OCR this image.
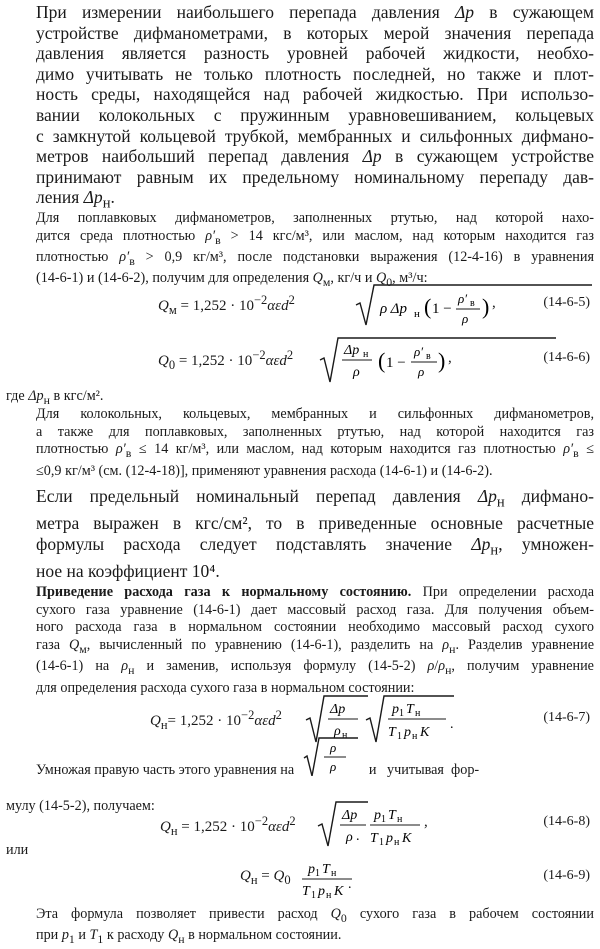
При измерении наибольшего перепада давления Δp в сужающем
устройстве дифманометрами, в которых мерой значения перепада
давления является разность уровней рабочей жидкости, необхо-
димо учитывать не только плотность последней, но также и плот-
ность среды, находящейся над рабочей жидкостью. При использо-
вании колокольных с пружинным уравновешиванием, кольцевых
с замкнутой кольцевой трубкой, мембранных и сильфонных дифмано-
метров наибольший перепад давления Δp в сужающем устройстве
принимают равным их предельному номинальному перепаду дав-
ления $\Delta p_н$.
Для поплавковых дифманометров, заполненных ртутью, над которой нахо-
дится среда плотностью $\rho'_в > 14$ кгс/м³, или маслом, над которым находится газ
плотностью $\rho'_в > 0,9$ кг/м³, после подстановки выражения (12-4-16) в уравнения
(14-6-1) и (14-6-2), получим для определения $Q_м$, кг/ч и $Q_0$, м³/ч:
$Q_м = 1,252 \cdot 10^{-2}\alpha\varepsilon d^2$
ρ Δp н ( 1 −
ρ′ в
ρ ) ,	(14-6-5)
$Q_0 = 1,252 \cdot 10^{-2}\alpha\varepsilon d^2$	Δp н
ρ ( 1 −
ρ′ в
ρ ) ,	(14-6-6)
где $\Delta p_н$ в кгс/м².
Для колокольных, кольцевых, мембранных и сильфонных дифманометров,
а также для поплавковых, заполненных ртутью, над которой находится газ
плотностью $\rho'_в \le 14$ кг/м³, или маслом, над которым находится газ плотностью $\rho'_в$ ≤
≤0,9 кг/м³ (см. (12-4-18)], применяют уравнения расхода (14-6-1) и (14-6-2).
Если предельный номинальный перепад давления $\Delta p_н$ дифмано-
метра выражен в кгс/см², то в приведенные основные расчетные
формулы расхода следует подставлять значение $\Delta p_н$, умножен-
ное на коэффициент 10⁴.
Приведение расхода газа к нормальному состоянию. При определении расхода
сухого газа уравнение (14-6-1) дает массовый расход газа. Для получения объем-
ного расхода газа в нормальном состоянии необходимо массовый расход сухого
газа $Q_м$, вычисленный по уравнению (14-6-1), разделить на $\rho_н$. Разделив уравнение
(14-6-1) на $\rho_н$ и заменив, используя формулу (14-5-2) $\rho/\rho_н$, получим уравнение
для определения расхода сухого газа в нормальном состоянии:
$Q_н= 1,252 \cdot 10^{-2}\alpha\varepsilon d^2$	Δp
ρ н
p 1 T н
T 1 p н K
.	(14-6-7)
Умножая правую часть этого уравнения на
ρ
ρ и   учитывая  фор-
мулу (14-5-2), получаем:
$Q_н = 1,252 \cdot 10^{-2}\alpha\varepsilon d^2$	Δp
ρ .
p 1 T н
T 1 p н K
,	(14-6-8)
или
$Q_н = Q_0$
p 1 T н
T 1 p н K .
(14-6-9)
Эта формула позволяет привести расход $Q_0$ сухого газа в рабочем состоянии
при $p_1$ и $T_1$ к расходу $Q_н$ в нормальном состоянии.
